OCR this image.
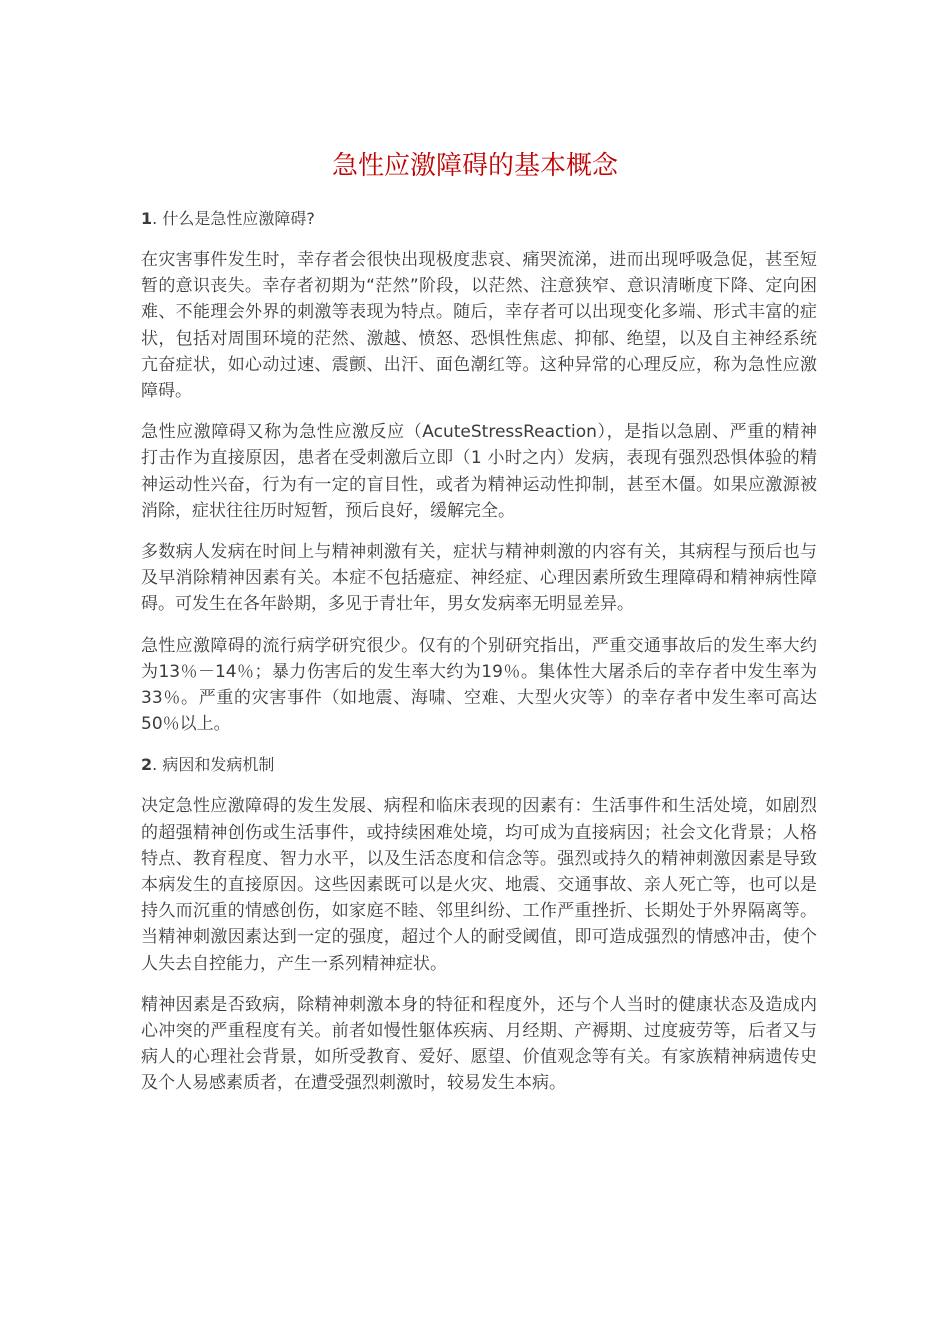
急性应激障碍的基本概念
1. 什么是急性应激障碍?

在灾害事件发生时，幸存者会很快出现极度悲哀、痛哭流涕，进而出现呼吸急促，甚至短暂的意识丧失。幸存者初期为“茫然”阶段，以茫然、注意狭窄、意识清晰度下降、定向困难、不能理会外界的刺激等表现为特点。随后，幸存者可以出现变化多端、形式丰富的症状，包括对周围环境的茫然、激越、愤怒、恐惧性焦虑、抑郁、绝望，以及自主神经系统亢奋症状，如心动过速、震颤、出汗、面色潮红等。这种异常的心理反应，称为急性应激障碍。

急性应激障碍又称为急性应激反应（AcuteStressReaction），是指以急剧、严重的精神打击作为直接原因，患者在受刺激后立即（1 小时之内）发病，表现有强烈恐惧体验的精神运动性兴奋，行为有一定的盲目性，或者为精神运动性抑制，甚至木僵。如果应激源被消除，症状往往历时短暂，预后良好，缓解完全。

多数病人发病在时间上与精神刺激有关，症状与精神刺激的内容有关，其病程与预后也与及早消除精神因素有关。本症不包括癔症、神经症、心理因素所致生理障碍和精神病性障碍。可发生在各年龄期，多见于青壮年，男女发病率无明显差异。

急性应激障碍的流行病学研究很少。仅有的个别研究指出，严重交通事故后的发生率大约为13％－14％；暴力伤害后的发生率大约为19％。集体性大屠杀后的幸存者中发生率为33％。严重的灾害事件（如地震、海啸、空难、大型火灾等）的幸存者中发生率可高达 50％以上。

2. 病因和发病机制

决定急性应激障碍的发生发展、病程和临床表现的因素有：生活事件和生活处境，如剧烈的超强精神创伤或生活事件，或持续困难处境，均可成为直接病因；社会文化背景；人格特点、教育程度、智力水平，以及生活态度和信念等。强烈或持久的精神刺激因素是导致本病发生的直接原因。这些因素既可以是火灾、地震、交通事故、亲人死亡等，也可以是持久而沉重的情感创伤，如家庭不睦、邻里纠纷、工作严重挫折、长期处于外界隔离等。当精神刺激因素达到一定的强度，超过个人的耐受阈值，即可造成强烈的情感冲击，使个人失去自控能力，产生一系列精神症状。

精神因素是否致病，除精神刺激本身的特征和程度外，还与个人当时的健康状态及造成内心冲突的严重程度有关。前者如慢性躯体疾病、月经期、产褥期、过度疲劳等，后者又与病人的心理社会背景，如所受教育、爱好、愿望、价值观念等有关。有家族精神病遗传史及个人易感素质者，在遭受强烈刺激时，较易发生本病。
